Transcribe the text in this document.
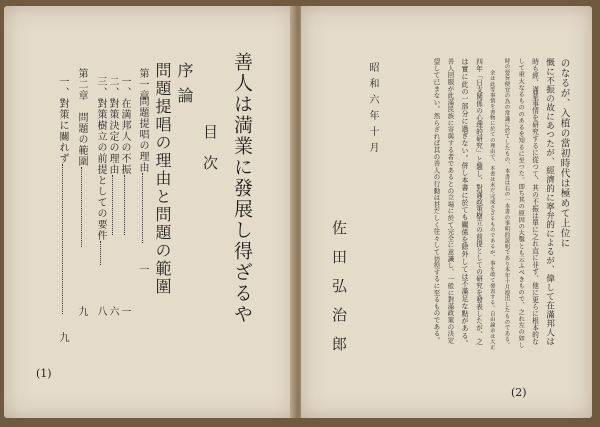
善人は満業に發展し得ざるや
目次
序論
問題提唱の理由と問題の範圍
第一章
問題提唱の理由
一
一、在満邦人の不振
一
二、對策決定の理由
六
三、對策樹立の前提としての要件
八
第二章　問題の範圍
九
一、對策に關れず
九
(1)
のなるが、入植の當初時代は極めて上位に
慨に不振の故にあつたが、經濟的に寧弁的によるが、偉して在滿邦人は
時も經、滿蒙事情を研究するに從つて、其の不振は單に之れ直に非ず、他に更らに根本的な
して重大なるもののあるを知るに至つた。即ち其の原因の大鑿とも云ふべきもので、之れ左の如し
時の要旨便宜の為の常識に於てしたもの、本書は右の一本書の事明的説明であり本年十月提出したものである。
余は此等事情を書物に於ての理由で、本書は未だ完成さざるものであるが、事を敢て發表する。自由論余は大正
四年「日支関係の心理的研究」と題し、對滿政策樹立の前提としての研究を發表したが、之
は實に此の一部分に過ぎない。併し本書に於ても關係を除外しては不滿足な點がある。
善人回服が此滿民族に寄與する者であるとの立場に於て完全に意識し、一般に對滿政策の決定
望して已まない。然らざれば其の善人の行動は甚だしく往々して彷徨するに至るものである。
昭和六年十月
佐田弘治郎
(2)
